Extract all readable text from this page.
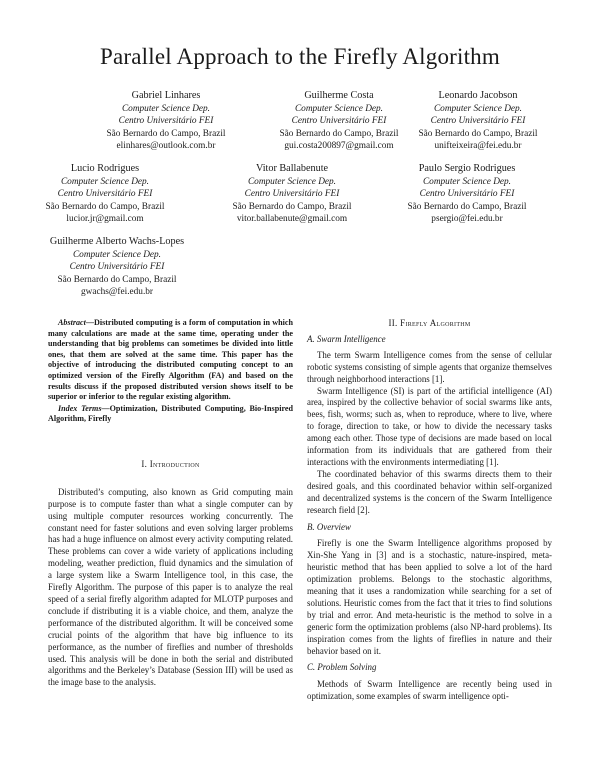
Parallel Approach to the Firefly Algorithm
Gabriel Linhares
Computer Science Dep.
Centro Universitário FEI
São Bernardo do Campo, Brazil
elinhares@outlook.com.br
Guilherme Costa
Computer Science Dep.
Centro Universitário FEI
São Bernardo do Campo, Brazil
gui.costa200897@gmail.com
Leonardo Jacobson
Computer Science Dep.
Centro Universitário FEI
São Bernardo do Campo, Brazil
unifteixeira@fei.edu.br
Lucio Rodrigues
Computer Science Dep.
Centro Universitário FEI
São Bernardo do Campo, Brazil
lucior.jr@gmail.com
Vitor Ballabenute
Computer Science Dep.
Centro Universitário FEI
São Bernardo do Campo, Brazil
vitor.ballabenute@gmail.com
Paulo Sergio Rodrigues
Computer Science Dep.
Centro Universitário FEI
São Bernardo do Campo, Brazil
psergio@fei.edu.br
Guilherme Alberto Wachs-Lopes
Computer Science Dep.
Centro Universitário FEI
São Bernardo do Campo, Brazil
gwachs@fei.edu.br

Abstract—Distributed computing is a form of computation in which many calculations are made at the same time, operating under the understanding that big problems can sometimes be divided into little ones, that them are solved at the same time. This paper has the objective of introducing the distributed computing concept to an optimized version of the Firefly Algorithm (FA) and based on the results discuss if the proposed distributed version shows itself to be superior or inferior to the regular existing algorithm.

Index Terms—Optimization, Distributed Computing, Bio-Inspired Algorithm, Firefly

I. Introduction

Distributed’s computing, also known as Grid computing main purpose is to compute faster than what a single computer can by using multiple computer resources working concurrently. The constant need for faster solutions and even solving larger problems has had a huge influence on almost every activity computing related. These problems can cover a wide variety of applications including modeling, weather prediction, fluid dynamics and the simulation of a large system like a Swarm Intelligence tool, in this case, the Firefly Algorithm. The purpose of this paper is to analyze the real speed of a serial firefly algorithm adapted for MLOTP purposes and conclude if distributing it is a viable choice, and them, analyze the performance of the distributed algorithm. It will be conceived some crucial points of the algorithm that have big influence to its performance, as the number of fireflies and number of thresholds used. This analysis will be done in both the serial and distributed algorithms and the Berkeley’s Database (Session III) will be used as the image base to the analysis.

II. Firefly Algorithm

A. Swarm Intelligence

The term Swarm Intelligence comes from the sense of cellular robotic systems consisting of simple agents that organize themselves through neighborhood interactions [1].

Swarm Intelligence (SI) is part of the artificial intelligence (AI) area, inspired by the collective behavior of social swarms like ants, bees, fish, worms; such as, when to reproduce, where to live, where to forage, direction to take, or how to divide the necessary tasks among each other. Those type of decisions are made based on local information from its individuals that are gathered from their interactions with the environments intermediating [1].

The coordinated behavior of this swarms directs them to their desired goals, and this coordinated behavior within self-organized and decentralized systems is the concern of the Swarm Intelligence research field [2].

B. Overview

Firefly is one the Swarm Intelligence algorithms proposed by Xin-She Yang in [3] and is a stochastic, nature-inspired, meta-heuristic method that has been applied to solve a lot of the hard optimization problems. Belongs to the stochastic algorithms, meaning that it uses a randomization while searching for a set of solutions. Heuristic comes from the fact that it tries to find solutions by trial and error. And meta-heuristic is the method to solve in a generic form the optimization problems (also NP-hard problems). Its inspiration comes from the lights of fireflies in nature and their behavior based on it.

C. Problem Solving

Methods of Swarm Intelligence are recently being used in optimization, some examples of swarm intelligence opti-
